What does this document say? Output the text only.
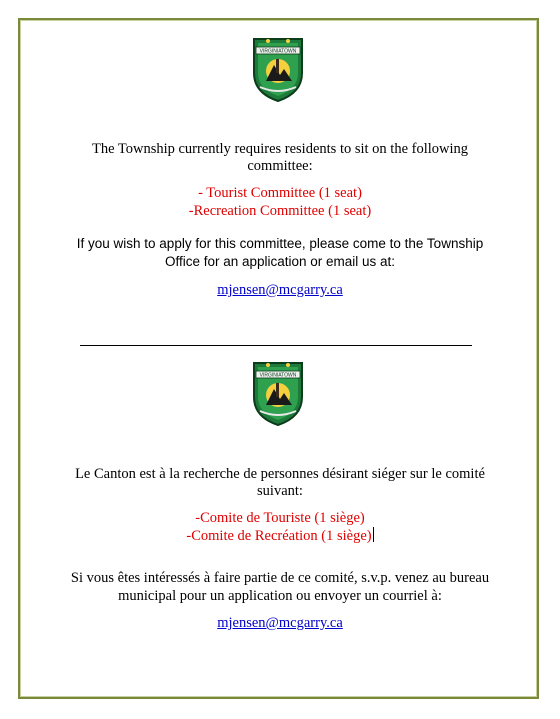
VIRGINIATOWN
The Township currently requires residents to sit on the following
committee:
- Tourist Committee (1 seat)
-Recreation Committee (1 seat)
If you wish to apply for this committee, please come to the Township
Office for an application or email us at:
mjensen@mcgarry.ca
VIRGINIATOWN
Le Canton est à la recherche de personnes désirant siéger sur le comité
suivant:
-Comite de Touriste (1 siège)
-Comite de Recréation (1 siège)
Si vous êtes intéressés à faire partie de ce comité, s.v.p. venez au bureau
municipal pour un application ou envoyer un courriel à:
mjensen@mcgarry.ca
